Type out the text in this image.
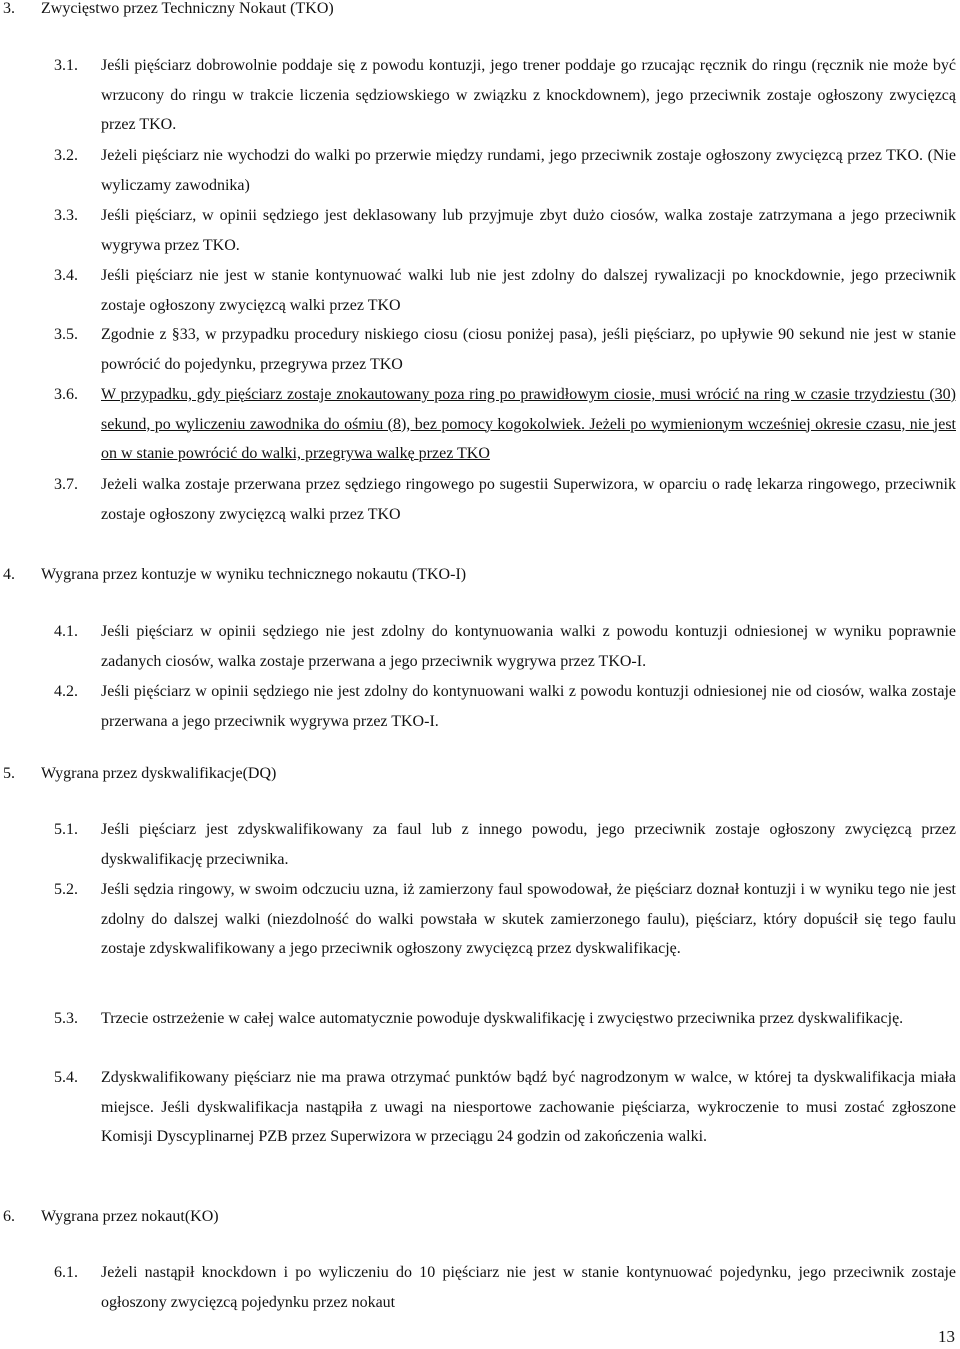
3. Zwycięstwo przez Techniczny Nokaut (TKO)
3.1. Jeśli pięściarz dobrowolnie poddaje się z powodu kontuzji, jego trener poddaje go rzucając ręcznik do ringu (ręcznik nie może być wrzucony do ringu w trakcie liczenia sędziowskiego w związku z knockdownem), jego przeciwnik zostaje ogłoszony zwycięzcą przez TKO.
3.2. Jeżeli pięściarz nie wychodzi do walki po przerwie między rundami, jego przeciwnik zostaje ogłoszony zwycięzcą przez TKO. (Nie wyliczamy zawodnika)
3.3. Jeśli pięściarz, w opinii sędziego jest deklasowany lub przyjmuje zbyt dużo ciosów, walka zostaje zatrzymana a jego przeciwnik wygrywa przez TKO.
3.4. Jeśli pięściarz nie jest w stanie kontynuować walki lub nie jest zdolny do dalszej rywalizacji po knockdownie, jego przeciwnik zostaje ogłoszony zwycięzcą walki przez TKO
3.5. Zgodnie z §33, w przypadku procedury niskiego ciosu (ciosu poniżej pasa), jeśli pięściarz, po upływie 90 sekund nie jest w stanie powrócić do pojedynku, przegrywa przez TKO
3.6. W przypadku, gdy pięściarz zostaje znokautowany poza ring po prawidłowym ciosie, musi wrócić na ring w czasie trzydziestu (30) sekund, po wyliczeniu zawodnika do ośmiu (8), bez pomocy kogokolwiek. Jeżeli po wymienionym wcześniej okresie czasu, nie jest on w stanie powrócić do walki, przegrywa walkę przez TKO
3.7. Jeżeli walka zostaje przerwana przez sędziego ringowego po sugestii Superwizora, w oparciu o radę lekarza ringowego, przeciwnik zostaje ogłoszony zwycięzcą walki przez TKO
4. Wygrana przez kontuzje w wyniku technicznego nokautu (TKO-I)
4.1. Jeśli pięściarz w opinii sędziego nie jest zdolny do kontynuowania walki z powodu kontuzji odniesionej w wyniku poprawnie zadanych ciosów, walka zostaje przerwana a jego przeciwnik wygrywa przez TKO-I.
4.2. Jeśli pięściarz w opinii sędziego nie jest zdolny do kontynuowani walki z powodu kontuzji odniesionej nie od ciosów, walka zostaje przerwana a jego przeciwnik wygrywa przez TKO-I.
5. Wygrana przez dyskwalifikacje(DQ)
5.1. Jeśli pięściarz jest zdyskwalifikowany za faul lub z innego powodu, jego przeciwnik zostaje ogłoszony zwycięzcą przez dyskwalifikację przeciwnika.
5.2. Jeśli sędzia ringowy, w swoim odczuciu uzna, iż zamierzony faul spowodował, że pięściarz doznał kontuzji i w wyniku tego nie jest zdolny do dalszej walki (niezdolność do walki powstała w skutek zamierzonego faulu), pięściarz, który dopuścił się tego faulu zostaje zdyskwalifikowany a jego przeciwnik ogłoszony zwycięzcą przez dyskwalifikację.
5.3. Trzecie ostrzeżenie w całej walce automatycznie powoduje dyskwalifikację i zwycięstwo przeciwnika przez dyskwalifikację.
5.4. Zdyskwalifikowany pięściarz nie ma prawa otrzymać punktów bądź być nagrodzonym w walce, w której ta dyskwalifikacja miała miejsce. Jeśli dyskwalifikacja nastąpiła z uwagi na niesportowe zachowanie pięściarza, wykroczenie to musi zostać zgłoszone Komisji Dyscyplinarnej PZB przez Superwizora w przeciągu 24 godzin od zakończenia walki.
6. Wygrana przez nokaut(KO)
6.1. Jeżeli nastąpił knockdown i po wyliczeniu do 10 pięściarz nie jest w stanie kontynuować pojedynku, jego przeciwnik zostaje ogłoszony zwycięzcą pojedynku przez nokaut
13
